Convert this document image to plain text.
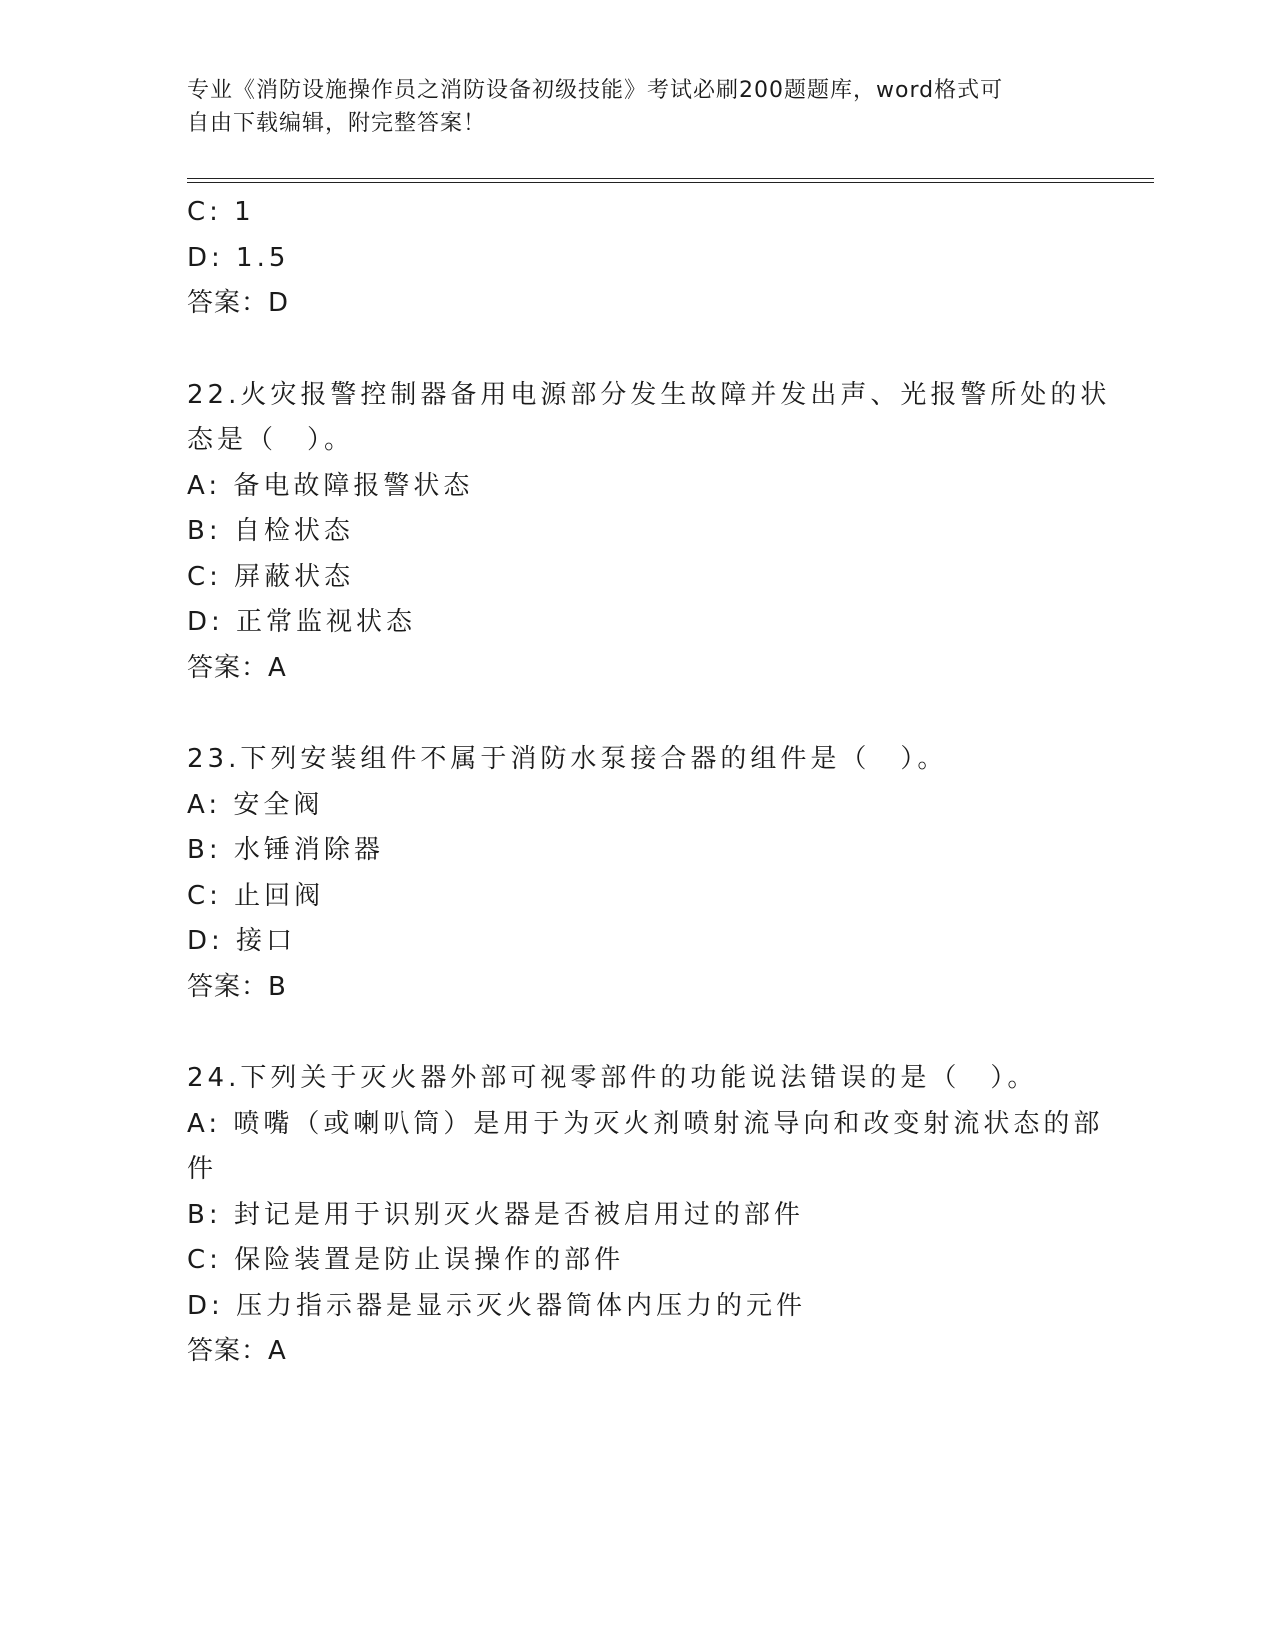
专业《消防设施操作员之消防设备初级技能》考试必刷200题题库，word格式可
自由下载编辑，附完整答案！
C: 1
D: 1.5
答案：D
22.火灾报警控制器备用电源部分发生故障并发出声、光报警所处的状
态是（　）。
A: 备电故障报警状态
B: 自检状态
C: 屏蔽状态
D: 正常监视状态
答案：A
23.下列安装组件不属于消防水泵接合器的组件是（　）。
A: 安全阀
B: 水锤消除器
C: 止回阀
D: 接口
答案：B
24.下列关于灭火器外部可视零部件的功能说法错误的是（　）。
A: 喷嘴（或喇叭筒）是用于为灭火剂喷射流导向和改变射流状态的部
件
B: 封记是用于识别灭火器是否被启用过的部件
C: 保险装置是防止误操作的部件
D: 压力指示器是显示灭火器筒体内压力的元件
答案：A
